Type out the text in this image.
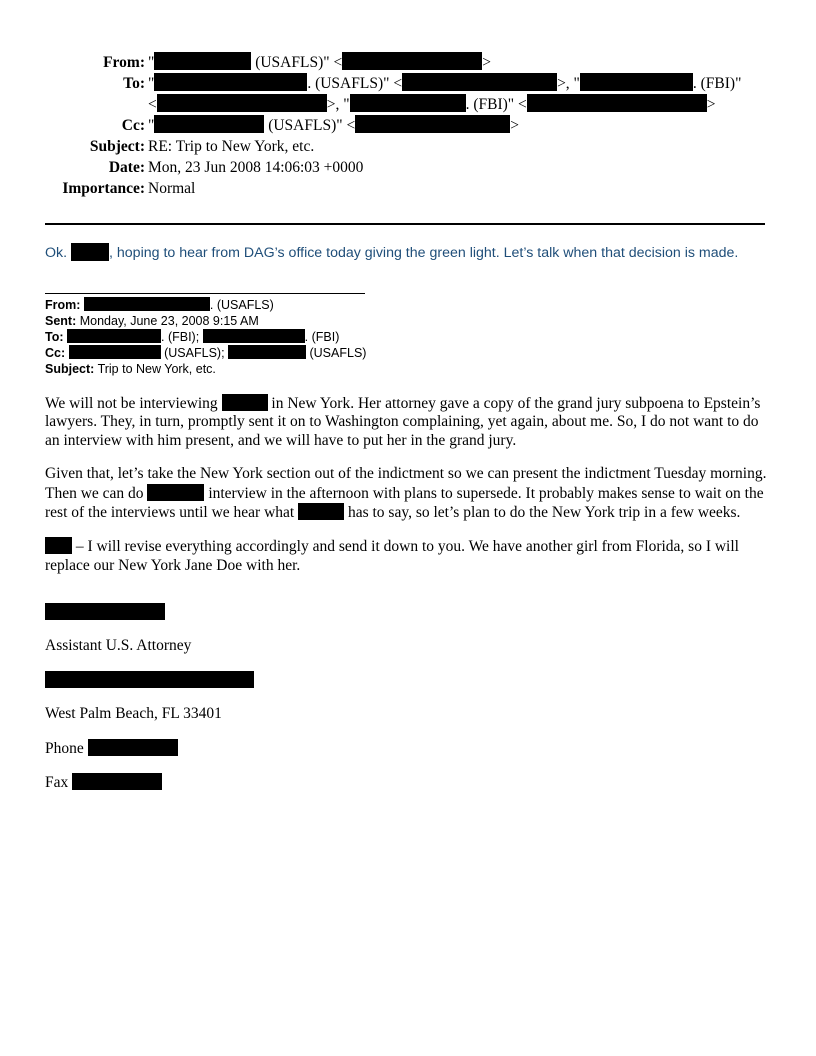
From: "	(USAFLS)" <	>
To: "	. (USAFLS)" <	>, "	. (FBI)"
<	>, "	. (FBI)" <	>
Cc: "	(USAFLS)" <	>
Subject: RE: Trip to New York, etc.
Date: Mon, 23 Jun 2008 14:06:03 +0000
Importance: Normal
Ok.	, hoping to hear from DAG’s office today giving the green light. Let’s talk when that decision is made.
From:	. (USAFLS)
Sent: Monday, June 23, 2008 9:15 AM
To:	. (FBI);	. (FBI)
Cc:	(USAFLS);	(USAFLS)
Subject: Trip to New York, etc.

We will not be interviewing	in New York. Her attorney gave a copy of the grand jury subpoena to Epstein’s lawyers. They, in turn, promptly sent it on to Washington complaining, yet again, about me. So, I do not want to do an interview with him present, and we will have to put her in the grand jury.

Given that, let’s take the New York section out of the indictment so we can present the indictment Tuesday morning. Then we can do	interview in the afternoon with plans to supersede. It probably makes sense to wait on the rest of the interviews until we hear what	has to say, so let’s plan to do the New York trip in a few weeks.

– I will revise everything accordingly and send it down to you. We have another girl from Florida, so I will replace our New York Jane Doe with her.

Assistant U.S. Attorney
West Palm Beach, FL 33401
Phone
Fax
